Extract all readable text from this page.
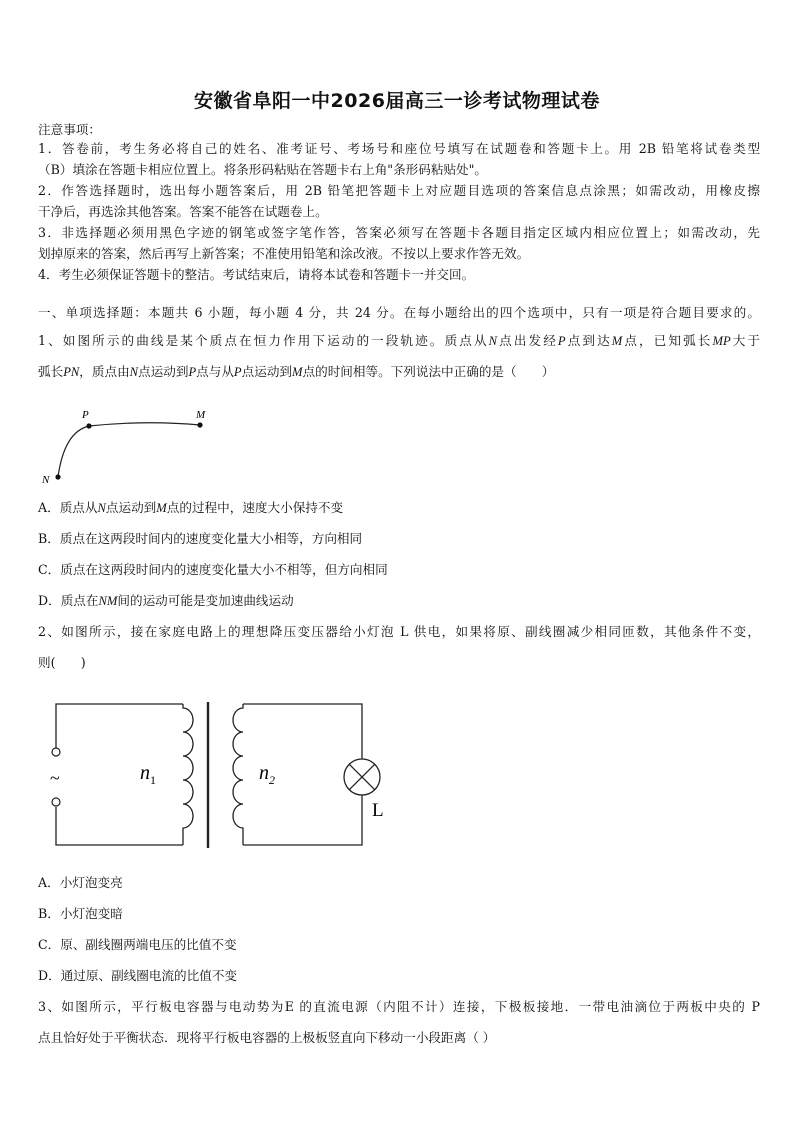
安徽省阜阳一中2026届高三一诊考试物理试卷
注意事项：
1．答卷前，考生务必将自己的姓名、准考证号、考场号和座位号填写在试题卷和答题卡上。用 2B 铅笔将试卷类型
（B）填涂在答题卡相应位置上。将条形码粘贴在答题卡右上角"条形码粘贴处"。
2．作答选择题时，选出每小题答案后，用 2B 铅笔把答题卡上对应题目选项的答案信息点涂黑；如需改动，用橡皮擦
干净后，再选涂其他答案。答案不能答在试题卷上。
3．非选择题必须用黑色字迹的钢笔或签字笔作答，答案必须写在答题卡各题目指定区域内相应位置上；如需改动，先
划掉原来的答案，然后再写上新答案；不准使用铅笔和涂改液。不按以上要求作答无效。
4．考生必须保证答题卡的整洁。考试结束后，请将本试卷和答题卡一并交回。
一、单项选择题：本题共 6 小题，每小题 4 分，共 24 分。在每小题给出的四个选项中，只有一项是符合题目要求的。
1、如图所示的曲线是某个质点在恒力作用下运动的一段轨迹。质点从N点出发经P点到达M点，已知弧长MP大于
弧长PN，质点由N点运动到P点与从P点运动到M点的时间相等。下列说法中正确的是（　　）
N
P	M
A．质点从N点运动到M点的过程中，速度大小保持不变
B．质点在这两段时间内的速度变化量大小相等，方向相同
C．质点在这两段时间内的速度变化量大小不相等，但方向相同
D．质点在NM间的运动可能是变加速曲线运动
2、如图所示，接在家庭电路上的理想降压变压器给小灯泡 L 供电，如果将原、副线圈减少相同匝数，其他条件不变，
则(　　)
~	$n_1$	$n_2$
L
A．小灯泡变亮
B．小灯泡变暗
C．原、副线圈两端电压的比值不变
D．通过原、副线圈电流的比值不变
3、如图所示，平行板电容器与电动势为E 的直流电源（内阻不计）连接，下极板接地．一带电油滴位于两板中央的 P
点且恰好处于平衡状态．现将平行板电容器的上极板竖直向下移动一小段距离（ ）
